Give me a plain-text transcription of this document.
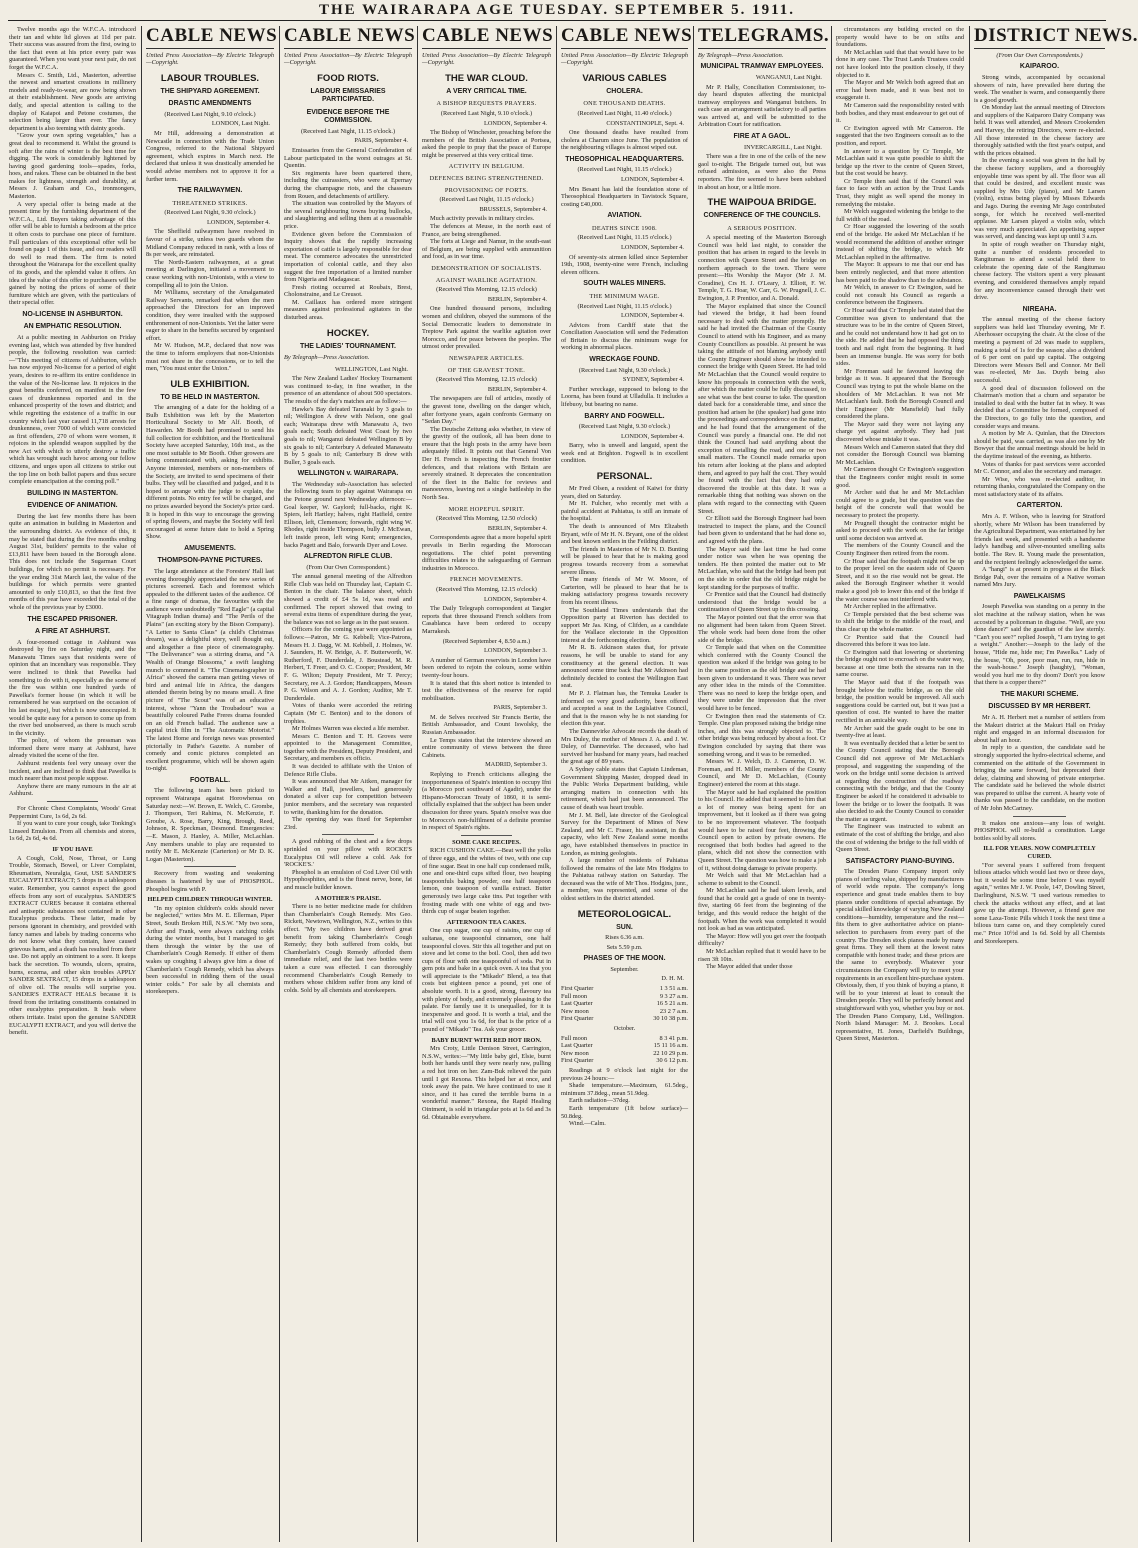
THE WAIRARAPA AGE TUESDAY. SEPTEMBER 5. 1911.

Twelve months ago the W.F.C.A. introduced their tan and white lid gloves at 11d per pair. Their success was assured from the first, owing to the fact that even at his price every pair was guaranteed. When you want your next pair, do not forget the W.F.C.A.

Messrs C. Smith, Ltd., Masterton, advertise the newest and smartest creations in millinery models and ready-to-wear, are now being shown at their establishment. New goods are arriving daily, and special attention is calling to the display of Kaiapoi and Petone costumes, the selection being larger than ever. The fancy department is also teeming with dainty goods.

"Grow your own spring vegetables," has a great deal to recommend it. Whilst the ground is soft after the rains of winter is the best time for digging. The work is considerably lightened by having good gardening tools—spades, forks, hoes, and rakes. These can be obtained in the best makes for lightness, strength and durability, at Messrs J. Graham and Co., ironmongers, Masterton.

A very special offer is being made at the present time by the furnishing department of the W.F.C.A., Ltd. Buyers taking advantage of this offer will be able to furnish a bedroom at the price it often costs to purchase one piece of furniture. Full particulars of this exceptional offer will be found on page 1 of this issue, and our readers will do well to read them. The firm is noted throughout the Wairarapa for the excellent quality of its goods, and the splendid value it offers. An idea of the value of this offer to purchasers will be gained by noting the prices of some of their furniture which are given, with the particulars of their special offer.

NO-LICENSE IN ASHBURTON.
AN EMPHATIC RESOLUTION.

At a public meeting in Ashburton on Friday evening last, which was attended by five hundred people, the following resolution was carried:—"This meeting of citizens of Ashburton, which has now enjoyed No-license for a period of eight years, desires to re-affirm its entire confidence in the value of the No-license law. It rejoices in the great benefits conferred, on manifest in the few cases of drunkenness reported and in the enhanced prosperity of the town and district; and while regretting the existence of a traffic in our country which last year caused 11,718 arrests for drunkenness, over 7000 of which were convicted as first offenders, 270 of whom were women, it rejoices in the splendid weapon supplied by the new Act with which to utterly destroy a traffic which has wrought such havoc among our fellow citizens, and urges upon all citizens to strike out the top line on both ballot papers and thus secure complete emancipation at the coming poll."

BUILDING IN MASTERTON.
EVIDENCE OF ANIMATION.

During the last few months there has been quite an animation in building in Masterton and the surrounding district. As evidence of this, it may be stated that during the five months ending August 31st, builders' permits to the value of £13,811 have been issued in the Borough alone. This does not include the Sugarman Court buildings, for which no permit is necessary. For the year ending 31st March last, the value of the buildings for which permits were granted amounted to only £10,813, so that the first five months of this year have exceeded the total of the whole of the previous year by £3000.

THE ESCAPED PRISONER.
A FIRE AT ASHHURST.

A four-roomed cottage in Ashhurst was destroyed by fire on Saturday night, and the Manawatu Times says that residents were of opinion that an incendiary was responsible. They were inclined to think that Pawelka had something to do with it, especially as the scene of the fire was within one hundred yards of Pawelka's former house (in which it will be remembered he was surprised on the occasion of his last escape), but which is now unoccupied. It would be quite easy for a person to come up from the river bed unobserved, as there is much scrub in the vicinity.

The police, of whom the pressman was informed there were many at Ashhurst, have already visited the scene of the fire.

Ashhurst residents feel very uneasy over the incident, and are inclined to think that Pawelka is much nearer than most people suppose.

Anyhow there are many rumours in the air at Ashhurst.

For Chronic Chest Complaints, Woods' Great Peppermint Cure, 1s 6d, 2s 6d.

If you want to cure your cough, take Tonking's Linseed Emulsion. From all chemists and stores, 1s 6d, 2s 6d, 4s 6d.

IF YOU HAVE

A Cough, Cold, Nose, Throat, or Lung Trouble, Stomach, Bowel, or Liver Complaint, Rheumatism, Neuralgia, Gout, USE SANDER'S EUCALYPTI EXTRACT; 5 drops in a tablespoon water. Remember, you cannot expect the good effects from any sort of eucalyptus. SANDER'S EXTRACT CURES because it contains ethereal and antiseptic substances not contained in other Eucalyptus products. These latter, made by persons ignorant in chemistry, and provided with fancy names and labels by trading concerns who do not know what they contain, have caused grievous harm, and a death has resulted from their use. Do not apply an ointment to a sore. It keeps back the secretion. To wounds, ulcers, sprains, burns, eczema, and other skin troubles APPLY SANDER SEXTRACT, 15 drops in a tablespoon of olive oil. The results will surprise you. SANDER'S EXTRACT HEALS because it is freed from the irritating constituents contained in other eucalyptus preparation. It heals where others irritate. Insist upon the genuine SANDER EUCALYPTI EXTRACT, and you will derive the benefit.

CABLE NEWS
United Press Association—By Electric Telegraph—Copyright.
LABOUR TROUBLES.
THE SHIPYARD AGREEMENT.
DRASTIC AMENDMENTS
(Received Last Night, 9.10 o'clock.)
LONDON, Last Night.

Mr Hill, addressing a demonstration at Newcastle in connection with the Trade Union Congress, referred to the National Shipyard agreement, which expires in March next. He declared that unless it was drastically amended he would advise members not to approve it for a further term.

THE RAILWAYMEN.
THREATENED STRIKES.
(Received Last Night, 9.30 o'clock.)
LONDON, September 4.

The Sheffield railwaymen have resolved in favour of a strike, unless two guards whom the Midland Company reduced in rank, with a loss of 8s per week, are reinstated.

The North-Eastern railwaymen, at a great meeting at Darlington, initiated a movement to cease working with non-Unionists, with a view to compelling all to join the Union.

Mr Williams, secretary of the Amalgamated Railway Servants, remarked that when the men approached the Directors for an improved condition, they were insulted with the supposed enthronement of non-Unionists. Yet the latter were eager to share in the benefits secured by organised effort.

Mr W. Hudson, M.P., declared that now was the time to inform employers that non-Unionists must not share in the concessions, or to tell the men, "You must enter the Union."

ULB EXHIBITION.
TO BE HELD IN MASTERTON.

The arranging of a date for the holding of a Bulb Exhibition was left by the Masterton Horticultural Society to Mr Alf. Booth, of Hawarden. Mr Booth had promised to send his full collection for exhibition, and the Horticultural Society have accepted Saturday, 16th inst., as the one most suitable to Mr Booth. Other growers are being communicated with, asking for exhibits. Anyone interested, members or non-members of the Society, are invited to send specimens of their bulbs. They will be classified and judged, and it is hoped to arrange with the judge to explain, the different points. No entry fee will be charged, and no prizes awarded beyond the Society's prize card. It is hoped in this way to encourage the growing of spring flowers, and maybe the Society will feel encouraged at some future date to hold a Spring Show.

AMUSEMENTS.
THOMPSON-PAYNE PICTURES.

The large attendance at the Foresters' Hall last evening thoroughly appreciated the new series of pictures screened. Each and foremost which appealed to the different tastes of the audience. Of a fine range of dramas, the favourites with the audience were undoubtedly "Red Eagle" (a capital Vitagraph Indian drama) and "The Perils of the Plains" (an exciting story by the Bison Company). "A Letter to Santa Claus" (a child's Christmas dream), was a delightful story, well thought out, and altogether a fine piece of cinematography. "The Deliverance" was a stirring drama, and "A Wealth of Orange Blossoms," a swift laughing munch to commend it. "The Cinematographer in Africa" showed the camera man getting views of bird and animal life in Africa, the dangers attended therein being by no means small. A fine picture of "The Scout" was of an educative interest, whose "Yann the Troubadour" was a beautifully coloured Pathe Freres drama founded on an old French ballad. The audience saw a capital trick film in "The Automatic Motorist." The latest Home and foreign news was presented pictorially in Pathe's Gazette. A number of comedy and comic pictures completed an excellent programme, which will be shown again to-night.

FOOTBALL.

The following team has been picked to represent Wairarapa against Horowhenua on Saturday next:—W. Brown, E. Welch, C. Grombe, J. Thompson, Teri Rahima, N. McKenzie, F. Groube, A. Rose, Barry, King, Brough, Reed, Johnson, R. Speckman, Desmond. Emergencies:—E. Mason, J. Hanley, A. Miller, McLachlan. Any members unable to play are requested to notify Mr E. McKenzie (Carterton) or Mr D. K. Logan (Masterton).

Recovery from wasting and weakening diseases is hastened by use of PHOSPHOL. Phosphol begins with P.

HELPED CHILDREN THROUGH WINTER.

"In my opinion children's colds should never be neglected," writes Mrs M. E. Ellerman, Piper Street, South Broken Hill, N.S.W. "My two sons, Arthur and Frank, were always catching colds during the winter months, but I managed to get them through the winter by the use of Chamberlain's Cough Remedy. If either of them wakes up coughing I always give him a dose of Chamberlain's Cough Remedy, which has always been successful in ridding them of the usual winter colds." For sale by all chemists and storekeepers.

CABLE NEWS
United Press Association—By Electric Telegraph—Copyright.
FOOD RIOTS.
LABOUR EMISSARIES PARTICIPATED.
EVIDENCE BEFORE THE COMMISSION.
(Received Last Night, 11.15 o'clock.)
PARIS, September 4.

Emissaries from the General Confederation of Labour participated in the worst outrages at St. Quentin.

Six regiments have been quartered there, including the cuirassiers, who were at Epernay during the champagne riots, and the chasseurs from Rouen, and detachments of artillery.

The situation was controlled by the Mayors of the several neighbouring towns buying bullocks, and slaughtering and selling them at a reasonable price.

Evidence given before the Commission of Inquiry shows that the rapidly increasing exportation of cattle is largely responsible for dear meat. The commerce advocates the unrestricted importation of colonial cattle, and they also suggest the free importation of a limited number from Nigeria and Madagascar.

Fresh rioting occurred at Roubaix, Brest, Cholonstraine, and Le Creusot.

M. Caillaux has ordered more stringent measures against professional agitators in the disturbed areas.

HOCKEY.
THE LADIES' TOURNAMENT.
By Telegraph—Press Association.
WELLINGTON, Last Night.

The New Zealand Ladies' Hockey Tournament was continued to-day, in fine weather, in the presence of an attendance of about 500 spectators. The results of the day's matches are as follow:—

Hawke's Bay defeated Taranaki by 3 goals to nil; Wellington A drew with Nelson, one goal each; Wairarapa drew with Manawatu A, two goals each; South defeated West Coast by two goals to nil; Wanganui defeated Wellington B by six goals to nil; Canterbury A defeated Manawatu B by 5 goals to nil; Canterbury B drew with Buller, 3 goals each.

WELLINGTON v. WAIRARAPA.

The Wednesday sub-Association has selected the following team to play against Wairarapa on the Petone ground next Wednesday afternoon:—Goal keeper, W. Gaylord; full-backs, right K. Spiers, left Hartley; halves, right Hatfield, centre Ellison, left, Clemenson; forwards, right wing W. Rhodes, right inside Thompson, bully J. McEwan, left inside preon, left wing Kent; emergencies, backs Pagett and Balo, forwards Dyer and Lowe.

ALFREDTON RIFLE CLUB.
(From Our Own Correspondent.)

The annual general meeting of the Alfredton Rifle Club was held on Thursday last, Captain C. Benton in the chair. The balance sheet, which showed a credit of £4 5s 1d, was read and confirmed. The report showed that owing to several extra items of expenditure during the year, the balance was not so large as in the past season.

Officers for the coming year were appointed as follows:—Patron, Mr G. Kebbell; Vice-Patrons, Messrs H. J. Dagg, W. M. Kebbell, J. Holmes, W. J. Saunders, H. W. Bridge, A. F. Butterworth, W. Rutherford, F. Dunderdale, J. Boustead, M. R. Herbert, T. Freer, and O. C. Cooper; President, Mr F. G. Wilton; Deputy President, Mr T. Percy; Secretary, ree A. J. Gordon; Handicappers, Messrs P. G. Wilson and A. J. Gordon; Auditor, Mr T. Dunderdale.

Votes of thanks were accorded the retiring Captain (Mr C. Benton) and to the donors of trophies.

Mr Holmes Warren was elected a life member.

Messrs C. Benton and T. H. Groves were appointed to the Management Committee, together with the President, Deputy President, and Secretary, and members ex officio.

It was decided to affiliate with the Union of Defence Rifle Clubs.

It was announced that Mr Aitken, manager for Walker and Hall, jewellers, had generously donated a silver cup for competition between junior members, and the secretary was requested to write, thanking him for the donation.

The opening day was fixed for September 23rd.

A good rubbing of the chest and a few drops sprinkled on your pillow with ROCKE'S Eucalyptus Oil will relieve a cold. Ask for 'ROCKE'S.'

Phosphol is an emulsion of Cod Liver Oil with Hypophosphites, and is the finest nerve, bone, fat and muscle builder known.

A MOTHER'S PRAISE.

There is no better medicine made for children than Chamberlain's Cough Remedy. Mrs Geo. Rickett, Newtown, Wellington, N.Z., writes to this effect. "My two children have derived great benefit from taking Chamberlain's Cough Remedy; they both suffered from colds, but Chamberlain's Cough Remedy afforded them immediate relief, and the last two bottles were taken a cure was effected. I can thoroughly recommend Chamberlain's Cough Remedy to mothers whose children suffer from any kind of colds. Sold by all chemists and storekeepers.

CABLE NEWS
United Press Association—By Electric Telegraph—Copyright.
THE WAR CLOUD.
A VERY CRITICAL TIME.
A BISHOP REQUESTS PRAYERS.
(Received Last Night, 9.10 o'clock.)
LONDON, September 4.

The Bishop of Winchester, preaching before the members of the British Association at Portsea, asked the people to pray that the peace of Europe might be preserved at this very critical time.

ACTIVITY IN BELGIUM.
DEFENCES BEING STRENGTHENED.
PROVISIONING OF FORTS.
(Received Last Night, 11.15 o'clock.)
BRUSSELS, September 4.

Much activity prevails in military circles.

The defences at Meuse, in the north east of France, are being strengthened.

The forts at Liege and Namur, in the south-east of Belgium, are being supplied with ammunition and food, as in war time.

DEMONSTRATION OF SOCIALISTS.
AGAINST WARLIKE AGITATION.
(Received This Morning, 12.15 o'clock)
BERLIN, September 4.

One hundred thousand persons, including women and children, obeyed the summons of the Social Democratic leaders to demonstrate in Treptow Park against the warlike agitation over Morocco, and for peace between the peoples. The utmost order prevailed.

NEWSPAPER ARTICLES.
OF THE GRAVEST TONE.
(Received This Morning, 12.15 o'clock)
BERLIN, September 4.

The newspapers are full of articles, mostly of the gravest tone, dwelling on the danger which, after fortyone years, again confronts Germany on "Sedan Day."

The Deutsche Zeitung asks whether, in view of the gravity of the outlook, all has been done to ensure that the high posts in the army have been adequately filled. It points out that General Von Der H. French is inspecting the French frontier defences, and that relations with Britain are severely strained. It deprecates the concentration of the fleet in the Baltic for reviews and manoeuvres, leaving not a single battleship in the North Sea.

MORE HOPEFUL SPIRIT.
(Received This Morning, 12.50 o'clock)
BERLIN, September 4.

Correspondents agree that a more hopeful spirit prevails in Berlin regarding the Moroccan negotiations. The chief point preventing difficulties relates to the safeguarding of German industries in Morocco.

FRENCH MOVEMENTS.
(Received This Morning, 12.15 o'clock)
LONDON, September 4.

The Daily Telegraph correspondent at Tangier reports that three thousand French soldiers from Casablanca have been ordered to occupy Marrakesh.

(Received September 4, 8.50 a.m.)
LONDON, September 3.

A number of German reservists in London have been ordered to rejoin the colours, some within twenty-four hours.

It is stated that this short notice is intended to test the effectiveness of the reserve for rapid mobilisation.

PARIS, September 3.

M. de Selves received Sir Francis Bertie, the British Ambassador, and Count Iswolsky, the Russian Ambassador.

Le Temps states that the interview showed an entire community of views between the three Cabinets.

MADRID, September 3.

Replying to French criticisms alleging the inopportuneness of Spain's intention to occupy Ifni (a Morocco port southward of Agadir), under the Hispano-Moroccan Treaty of 1860, it is semi-officially explained that the subject has been under discussion for three years. Spain's resolve was due to Morocco's non-fulfilment of a definite promise in respect of Spain's rights.

SOME CAKE RECIPES.

RICH CUSHION CAKE.—Beat well the yolks of three eggs, and the whites of two, with one cup of fine sugar. Beat in one half cup condensed milk, one and one-third cups sifted flour, two heaping teaspoonfuls baking powder, one half teaspoon lemon, one teaspoon of vanilla extract. Butter generously two large cake tins. Put together with frosting made with one white of egg and two-thirds cup of sugar beaten together.

AFTERNOON TEA CAKES.

One cup sugar, one cup of raisins, one cup of sultanas, one teaspoonful cinnamon, one half teaspoonful cloves. Stir this all together and put on stove and let come to the boil. Cool, then add two cups of flour with one teaspoonful of soda. Put in gem pots and bake in a quick oven. A tea that you will appreciate is the "Mikado" Blend, a tea that costs but eighteen pence a pound, yet one of absolute worth. It is a good, strong, flavoury tea with plenty of body, and extremely pleasing to the palate. For family use it is unequalled, for it is inexpensive and good. It is worth a trial, and the trial will cost you 1s 6d, for that is the price of a pound of "Mikado" Tea. Ask your grocer.

BABY BURNT WITH RED HOT IRON.

Mrs Croty, Little Denison Street, Carrington, N.S.W., writes:—"My little baby girl, Elsie, burnt both her hands until they were nearly raw, pulling a red hot iron on her. Zam-Buk relieved the pain until I got Rexona. This helped her at once, and took away the pain. We have continued to use it since, and it has cured the terrible burns in a wonderful manner." Rexona, the Rapid Healing Ointment, is sold in triangular pots at 1s 6d and 3s 6d. Obtainable everywhere.

CABLE NEWS
United Press Association—By Electric Telegraph—Copyright.
VARIOUS CABLES
CHOLERA.
ONE THOUSAND DEATHS.
(Received Last Night, 11.40 o'clock.)
CONSTANTINOPLE, Sept. 4.

One thousand deaths have resulted from cholera at Charum since June. The population of the neighbouring villages is almost wiped out.

THEOSOPHICAL HEADQUARTERS.
(Received Last Night, 11.15 o'clock.)
LONDON, September 4.

Mrs Besant has laid the foundation stone of Theosophical Headquarters in Tavistock Square, costing £40,000.

AVIATION.
DEATHS SINCE 1908.
(Received Last Night, 11.15 o'clock.)
LONDON, September 4.

Of seventy-six airmen killed since September 19th, 1908, twenty-nine were French, including eleven officers.

SOUTH WALES MINERS.
THE MINIMUM WAGE.
(Received Last Night, 11.15 o'clock.)
LONDON, September 4.

Advices from Cardiff state that the Conciliation Association will send the Federation of Britain to discuss the minimum wage for working in abnormal places.

WRECKAGE FOUND.
(Received Last Night, 9.30 o'clock.)
SYDNEY, September 4.

Further wreckage, supposed to belong to the Loorna, has been found at Ulladulla. It includes a lifebuoy, but bearing no name.

BARRY AND FOGWELL.
(Received Last Night, 9.30 o'clock.)
LONDON, September 4.

Barry, who is unwell and languid, spent the week end at Brighton. Fogwell is in excellent condition.

PERSONAL.

Mr Fred Olsen, a resident of Kaiwi for thirty years, died on Saturday.

Mr H. Fulcher, who recently met with a painful accident at Pahiatua, is still an inmate of the hospital.

The death is announced of Mrs Elizabeth Bryant, wife of Mr H. N. Bryant, one of the oldest and best known settlers in the Feilding district.

The friends in Masterton of Mr N. D. Bunting will be pleased to hear that he is making good progress towards recovery from a somewhat severe illness.

The many friends of Mr W. Moore, of Carterton, will be pleased to hear that he is making satisfactory progress towards recovery from his recent illness.

The Southland Times understands that the Opposition party at Riverton has decided to support Mr Jas. King, of Clifden, as a candidate for the Wallace electorate in the Opposition interest at the forthcoming election.

Mr R. B. Atkinson states that, for private reasons, he will be unable to stand for any constituency at the general election. It was announced some time back that Mr Atkinson had definitely decided to contest the Wellington East seat.

Mr P. J. Flatman has, the Temuka Leader is informed on very good authority, been offered and accepted a seat in the Legislative Council, and that is the reason why he is not standing for election this year.

The Dannevirke Advocate records the death of Mrs Duley, the mother of Messrs J. A. and J. W. Duley, of Dannevirke. The deceased, who had survived her husband for many years, had reached the great age of 89 years.

A Sydney cable states that Captain Lindeman, Government Shipping Master, dropped dead in the Public Works Department building, while arranging matters in connection with his retirement, which had just been announced. The cause of death was heart trouble.

Mr J. M. Bell, late director of the Geological Survey for the Department of Mines of New Zealand, and Mr C. Fraser, his assistant, in that capacity, who left New Zealand some months ago, have established themselves in practice in London, as mining geologists.

A large number of residents of Pahiatua followed the remains of the late Mrs Hodgins to the Pahiatua railway station on Saturday. The deceased was the wife of Mr Thos. Hodgins, junr., a member, was represented, and some of the oldest settlers in the district attended.

METEOROLOGICAL.
SUN.
Rises 6.36 a.m.
Sets 5.59 p.m.
PHASES OF THE MOON.
September.
D. H. M.
First Quarter	1 3 51 a.m.
Full moon	9 3 27 a.m.
Last Quarter	16 5 21 a.m.
New moon	23 2 7 a.m.
First Quarter	30 10 38 p.m.
October.
Full moon	8 3 41 p.m.
Last Quarter	15 11 16 a.m.
New moon	22 10 29 p.m.
First Quarter	30 6 12 p.m.

Readings at 9 o'clock last night for the previous 24 hours:—

Shade temperature.—Maximum, 61.5deg., minimum 37.8deg., mean 51.9deg.

Earth radiation—37deg.

Earth temperature (1ft below surface)—50.8deg.

Wind.—Calm.

TELEGRAMS.
By Telegraph—Press Association.
MUNICIPAL TRAMWAY EMPLOYEES.
WANGANUI, Last Night.

Mr P. Hally, Conciliation Commissioner, to-day heard disputes affecting the municipal tramway employees and Wanganui butchers. In each case an arrangement satisfactory to all parties was arrived at, and will be submitted to the Arbitration Court for ratification.

FIRE AT A GAOL.
INVERCARGILL, Last Night.

There was a fire in one of the cells of the new gaol to-night. The Brigade turned out, but was refused admission, as were also the Press reporters. The fire seemed to have been subdued in about an hour, or a little more.

THE WAIPOUA BRIDGE.
CONFERENCE OF THE COUNCILS.
A SERIOUS POSITION.

A special meeting of the Masterton Borough Council was held last night, to consider the position that has arisen in regard to the levels in connection with Queen Street and the bridge on northern approach to the town. There were present:—His Worship the Mayor (Mr J. M. Coradine), Crs H. J. O'Leary, J. Elliott, F. W. Temple, T. G. Hoar, W. Carr, G. W. Prugnell, J. C. Ewington, J. P. Prentice, and A. Donald.

The Mayor explained that since the Council had viewed the bridge, it had been found necessary to deal with the matter promptly. He said he had invited the Chairman of the County Council to attend with his Engineer, and as many County Councillors as possible. At present he was taking the attitude of not blaming anybody until the County Engineer should show he intended to connect the bridge with Queen Street. He had told Mr McLachlan that the Council would require to know his proposals in connection with the work, after which the matter could be fully discussed, to see what was the best course to take. The question dated back for a considerable time, and since the position had arisen he (the speaker) had gone into the proceedings and correspondence on the matter, and he had found that the arrangement of the Council was purely a financial one. He did not think the Council had said anything about the exception of metalling the road, and one or two small matters. The Council made remarks upon his return after looking at the plans and adopted them, and agreed to pay half the cost. They would be found with the fact that they had only discovered the trouble at this date. It was a remarkable thing that nothing was shown on the plans with regard to the connecting with Queen Street.

Cr Elliott said the Borough Engineer had been instructed to inspect the plans, and the Council had been given to understand that he had done so, and agreed with the plans.

The Mayor said the last time he had come under notice was when he was opening the tenders. He then pointed the matter out to Mr McLachlan, who said that the bridge had been put on the side in order that the old bridge might be kept standing for the purposes of traffic.

Cr Prentice said that the Council had distinctly understood that the bridge would be a continuation of Queen Street up to this crossing.

The Mayor pointed out that the error was that no alignment had been taken from Queen Street. The whole work had been done from the other side of the bridge.

Cr Temple said that when on the Committee which conferred with the County Council the question was asked if the bridge was going to be in the same position as the old bridge and he had been given to understand it was. There was never any other idea in the minds of the Committee. There was no need to keep the bridge open, and they were under the impression that the river would have to be fenced.

Cr Ewington then read the statements of Cr. Temple. One plan proposed raising the bridge nine inches, and this was strongly objected to. The other bridge was being reduced by about a foot. Cr Ewington concluded by saying that there was something wrong, and it was to be remedied.

Messrs W. J. Welch, D. J. Cameron, D. W. Foreman, and H. Miller, members of the County Council, and Mr D. McLachlan, (County Engineer) entered the room at this stage.

The Mayor said he had explained the position to his Council. He added that it seemed to him that a lot of money was being spent for an improvement, but it looked as if there was going to be no improvement whatever. The footpath would have to be raised four feet, throwing the Council open to action by private owners. He recognised that both bodies had agreed to the plans, which did not show the connection with Queen Street. The question was how to make a job of it, without doing damage to private property.

Mr Welch said that Mr McLachlan had a scheme to submit to the Council.

Mr McLachlan said he had taken levels, and found that he could get a grade of one in twenty-five, starting 66 feet from the beginning of the bridge, and this would reduce the height of the footpath. When the work was completed it would not look as bad as was anticipated.

The Mayor: How will you get over the footpath difficulty?

Mr McLachlan replied that it would have to be risen 3ft 10in.

The Mayor added that under those

circumstances any building erected on the property would have to be on stilts and foundations.

Mr McLachlan said that that would have to be done in any case. The Trust Lands Trustees could not have looked into the position closely, if they objected to it.

The Mayor and Mr Welch both agreed that an error had been made, and it was best not to exaggerate it.

Mr Cameron said the responsibility rested with both bodies, and they must endeavour to get out of it.

Cr Ewington agreed with Mr Cameron. He suggested that the two Engineers consult as to the position, and report.

In answer to a question by Cr Temple, Mr McLachlan said it was quite possible to shift the bridge up the river to the centre of Queen Street, but the cost would be heavy.

Cr Temple then said that if the Council was face to face with an action by the Trust Lands Trust, they might as well spend the money in remedying the mistake.

Mr Welch suggested widening the bridge to the full width of the road.

Cr Hoar suggested the lowering of the south end of the bridge. He asked Mr McLachlan if he would recommend the addition of another stringer instead of shifting the bridge, to which Mr McLachlan replied in the affirmative.

The Mayor: It appears to me that our end has been entirely neglected, and that more attention has been paid to the shadow than to the substance.

Mr Welch, in answer to Cr Ewington, said he could not consult his Council as regards a conference between the Engineers.

Cr Hoar said that Cr Temple had stated that the Committee was given to understand that the structure was to be in the centre of Queen Street, and he could not understand how it had got on to the side. He added that he had opposed the thing tooth and nail right from the beginning. It had been an immense bungle. He was sorry for both sides.

Mr Foreman said he favoured leaving the bridge as it was. It appeared that the Borough Council was trying to put the whole blame on the shoulders of Mr McLachlan. It was not Mr McLachlan's fault. Both the Borough Council and their Engineer (Mr Mansfield) had fully considered the plans.

The Mayor said they were not laying any charge yet against anybody. They had just discovered whose mistake it was.

Messrs Welch and Cameron stated that they did not consider the Borough Council was blaming Mr McLachlan.

Mr Cameron thought Cr Ewington's suggestion that the Engineers confer might result in some good.

Mr Archer said that he and Mr McLachlan could agree to a grade, but the question was the height of the concrete wall that would be necessary to protect the property.

Mr Prugnell thought the contractor might be asked to proceed with the work on the far bridge until some decision was arrived at.

The members of the County Council and the County Engineer then retired from the room.

Cr Hoar said that the footpath might not be up to the proper level on the eastern side of Queen Street, and it so the rise would not be great. He asked the Borough Engineer whether it would make a good job to lower this end of the bridge if the water course was not interfered with.

Mr Archer replied in the affirmative.

Cr Temple persisted that the best scheme was to shift the bridge to the middle of the road, and thus clear up the whole matter.

Cr Prentice said that the Council had discovered this before it was too late.

Cr Ewington said that lowering or shortening the bridge ought not to encroach on the water way, because at one time both the streams ran in the same course.

The Mayor said that if the footpath was brought below the traffic bridge, as on the old bridge, the position would be improved. All such suggestions could be carried out, but it was just a question of cost. He wanted to have the matter rectified in an amicable way.

Mr Archer said the grade ought to be one in twenty-five at least.

It was eventually decided that a letter be sent to the County Council stating that the Borough Council did not approve of Mr McLachlan's proposal, and suggesting the suspending of the work on the bridge until some decision is arrived at regarding the construction of the roadway connecting with the bridge, and that the County Engineer be asked if he considered it advisable to lower the bridge or to lower the footpath. It was also decided to ask the County Council to consider the matter as urgent.

The Engineer was instructed to submit an estimate of the cost of shifting the bridge, and also the cost of widening the bridge to the full width of Queen Street.

SATISFACTORY PIANO-BUYING.

The Dresden Piano Company import only pianos of sterling value, shipped by manufacturers of world wide repute. The company's long experience and great trade enables them to buy pianos under conditions of special advantage. By special skilled knowledge of varying New Zealand conditions—humidity, temperature and the rest—fits them to give authoritative advice on piano-selection to purchasers from every part of the country. The Dresden stock pianos made by many great firms. They sell them at the lowest rates compatible with honest trade; and these prices are the same to everybody. Whatever your circumstances the Company will try to meet your requirements in an excellent hire-purchase system. Obviously, then, if you think of buying a piano, it will be to your interest at least to consult the Dresden people. They will be perfectly honest and straightforward with you, whether you buy or not. The Dresden Piano Company, Ltd., Wellington. North Island Manager: M. J. Brookes. Local representative, H. Jones, Darfield's Buildings, Queen Street, Masterton.

DISTRICT NEWS.
(From Our Own Correspondents.)
KAIPAROO.

Strong winds, accompanied by occasional showers of rain, have prevailed here during the week. The weather is warm, and consequently there is a good growth.

On Monday last the annual meeting of Directors and suppliers of the Kaiparoro Dairy Company was held. It was well attended, and Messrs Crookenden and Harvey, the retiring Directors, were re-elected. All those interested in the cheese factory are thoroughly satisfied with the first year's output, and with the prices obtained.

In the evening a social was given in the hall by the cheese factory suppliers, and a thoroughly enjoyable time was spent by all. The floor was all that could be desired, and excellent music was supplied by Mrs Udy (piano), and Mr Larsen (violin), extras being played by Misses Edwards and Jago. During the evening Mr Jago contributed songs, for which he received well-merited applause. Mr Larsen played a violin solo, which was very much appreciated. An appetising supper was served, and dancing was kept up until 3 a.m.

In spite of rough weather on Thursday night, quite a number of residents proceeded to Rangitumau to attend a social held there to celebrate the opening date of the Rangitumau cheese factory. The visitors spent a very pleasant evening, and considered themselves amply repaid for any inconvenience caused through their wet drive.

NIREAHA.

The annual meeting of the cheese factory suppliers was held last Thursday evening, Mr F. Aberhosser occupying the chair. At the close of the meeting a payment of 2d was made to suppliers, making a total of 1s for the season; also a dividend of 6 per cent on paid up capital. The outgoing Directors were Messrs Bell and Connor. Mr Bell was re-elected, Mr Jas. Duyth being also successful.

A good deal of discussion followed on the Chairman's motion that a churn and separator be installed to deal with the butter fat in whey. It was decided that a Committee be formed, composed of the Directors, to go fully into the question, and consider ways and means.

A motion by Mr A. Quinlan, that the Directors should be paid, was carried, as was also one by Mr Bowyer that the annual meetings should be held in the daytime instead of the evening, as hitherto.

Votes of thanks for past services were accorded Mr C. Connor, and also the secretary and manager.

Mr Wise, who was re-elected auditor, in returning thanks, congratulated the Company on the most satisfactory state of its affairs.

CARTERTON.

Mrs A. F. Wilson, who is leaving for Stratford shortly, where Mr Wilson has been transferred by the Agricultural Department, was entertained by her friends last week, and presented with a handsome lady's handbag and silver-mounted smelling salts bottle. The Rev. R. Young made the presentation, and the recipient feelingly acknowledged the same.

A "hangi" is at present in progress at the Black Bridge Pah, over the remains of a Native woman named Mrs Jury.

PAWELKAISMS

Joseph Pawelka was standing on a penny in the slot machine at the railway station, when he was accosted by a policeman in disguise. "Well, are you done dance?" said the guardian of the law sternly. "Can't you see?" replied Joseph, "I am trying to get a weight." Another:—Joseph to the lady of the house, "Hide me, hide me; I'm Pawelka." Lady of the house, "Oh, poor, poor man, run, run, hide in the wash-house." Joseph (haughty), "Woman, would you hurl me to thy doom? Don't you know that there is a copper there?"

THE MAKURI SCHEME.
DISCUSSED BY MR HERBERT.

Mr A. H. Herbert met a number of settlers from the Makuri district at the Makuri Hall on Friday night and engaged in an informal discussion for about half an hour.

In reply to a question, the candidate said he strongly supported the hydro-electrical scheme, and commented on the attitude of the Government in bringing the same forward, but deprecated their delay, claiming and showing of private enterprise. The candidate said he believed the whole district was prepared to utilise the current. A hearty vote of thanks was passed to the candidate, on the motion of Mr John McCartney.

It makes one anxious—any loss of weight. PHOSPHOL will re-build a constitution. Large bottles sold by all stores.

ILL FOR YEARS. NOW COMPLETELY CURED.

"For several years I suffered from frequent bilious attacks which would last two or three days, but it would be some time before I was myself again," writes Mr J. W. Poole, 147, Dowling Street, Darlinghurst, N.S.W. "I used various remedies to check the attacks without any effect, and at last gave up the attempt. However, a friend gave me some Laxa-Tonic Pills which I took the next time a bilious turn came on, and they completely cured me." Price 10½d and 1s 6d. Sold by all Chemists and Storekeepers.
